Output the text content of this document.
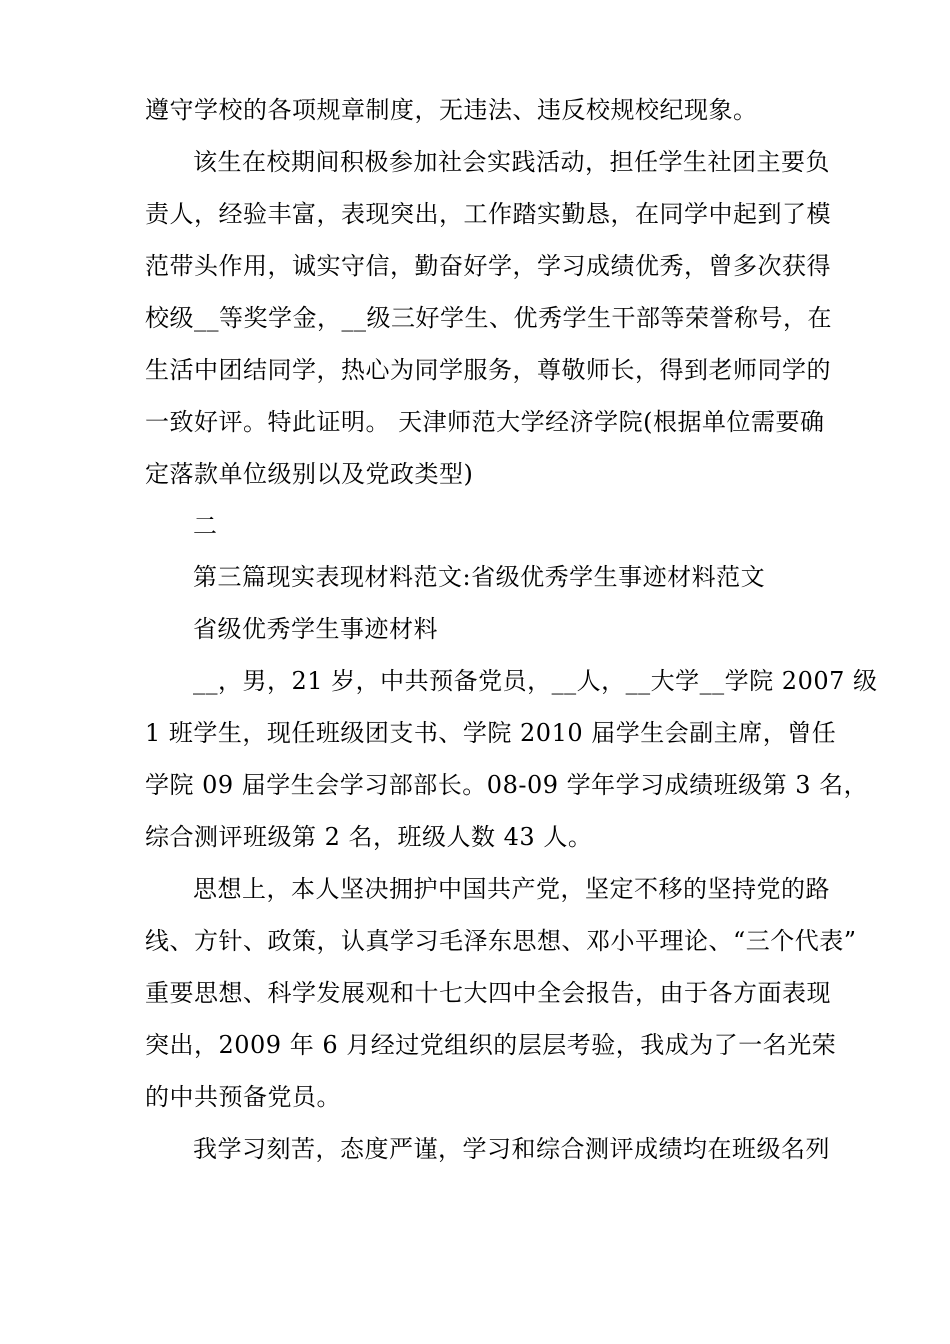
遵守学校的各项规章制度，无违法、违反校规校纪现象。
该生在校期间积极参加社会实践活动，担任学生社团主要负
责人，经验丰富，表现突出，工作踏实勤恳，在同学中起到了模
范带头作用，诚实守信，勤奋好学，学习成绩优秀，曾多次获得
校级__等奖学金，__级三好学生、优秀学生干部等荣誉称号，在
生活中团结同学，热心为同学服务，尊敬师长，得到老师同学的
一致好评。特此证明。 天津师范大学经济学院(根据单位需要确
定落款单位级别以及党政类型)
二
第三篇现实表现材料范文:省级优秀学生事迹材料范文
省级优秀学生事迹材料
__，男，21 岁，中共预备党员，__人，__大学__学院 2007 级
1 班学生，现任班级团支书、学院 2010 届学生会副主席，曾任
学院 09 届学生会学习部部长。08-09 学年学习成绩班级第 3 名，
综合测评班级第 2 名，班级人数 43 人。
思想上，本人坚决拥护中国共产党，坚定不移的坚持党的路
线、方针、政策，认真学习毛泽东思想、邓小平理论、“三个代表”
重要思想、科学发展观和十七大四中全会报告，由于各方面表现
突出，2009 年 6 月经过党组织的层层考验，我成为了一名光荣
的中共预备党员。
我学习刻苦，态度严谨，学习和综合测评成绩均在班级名列
